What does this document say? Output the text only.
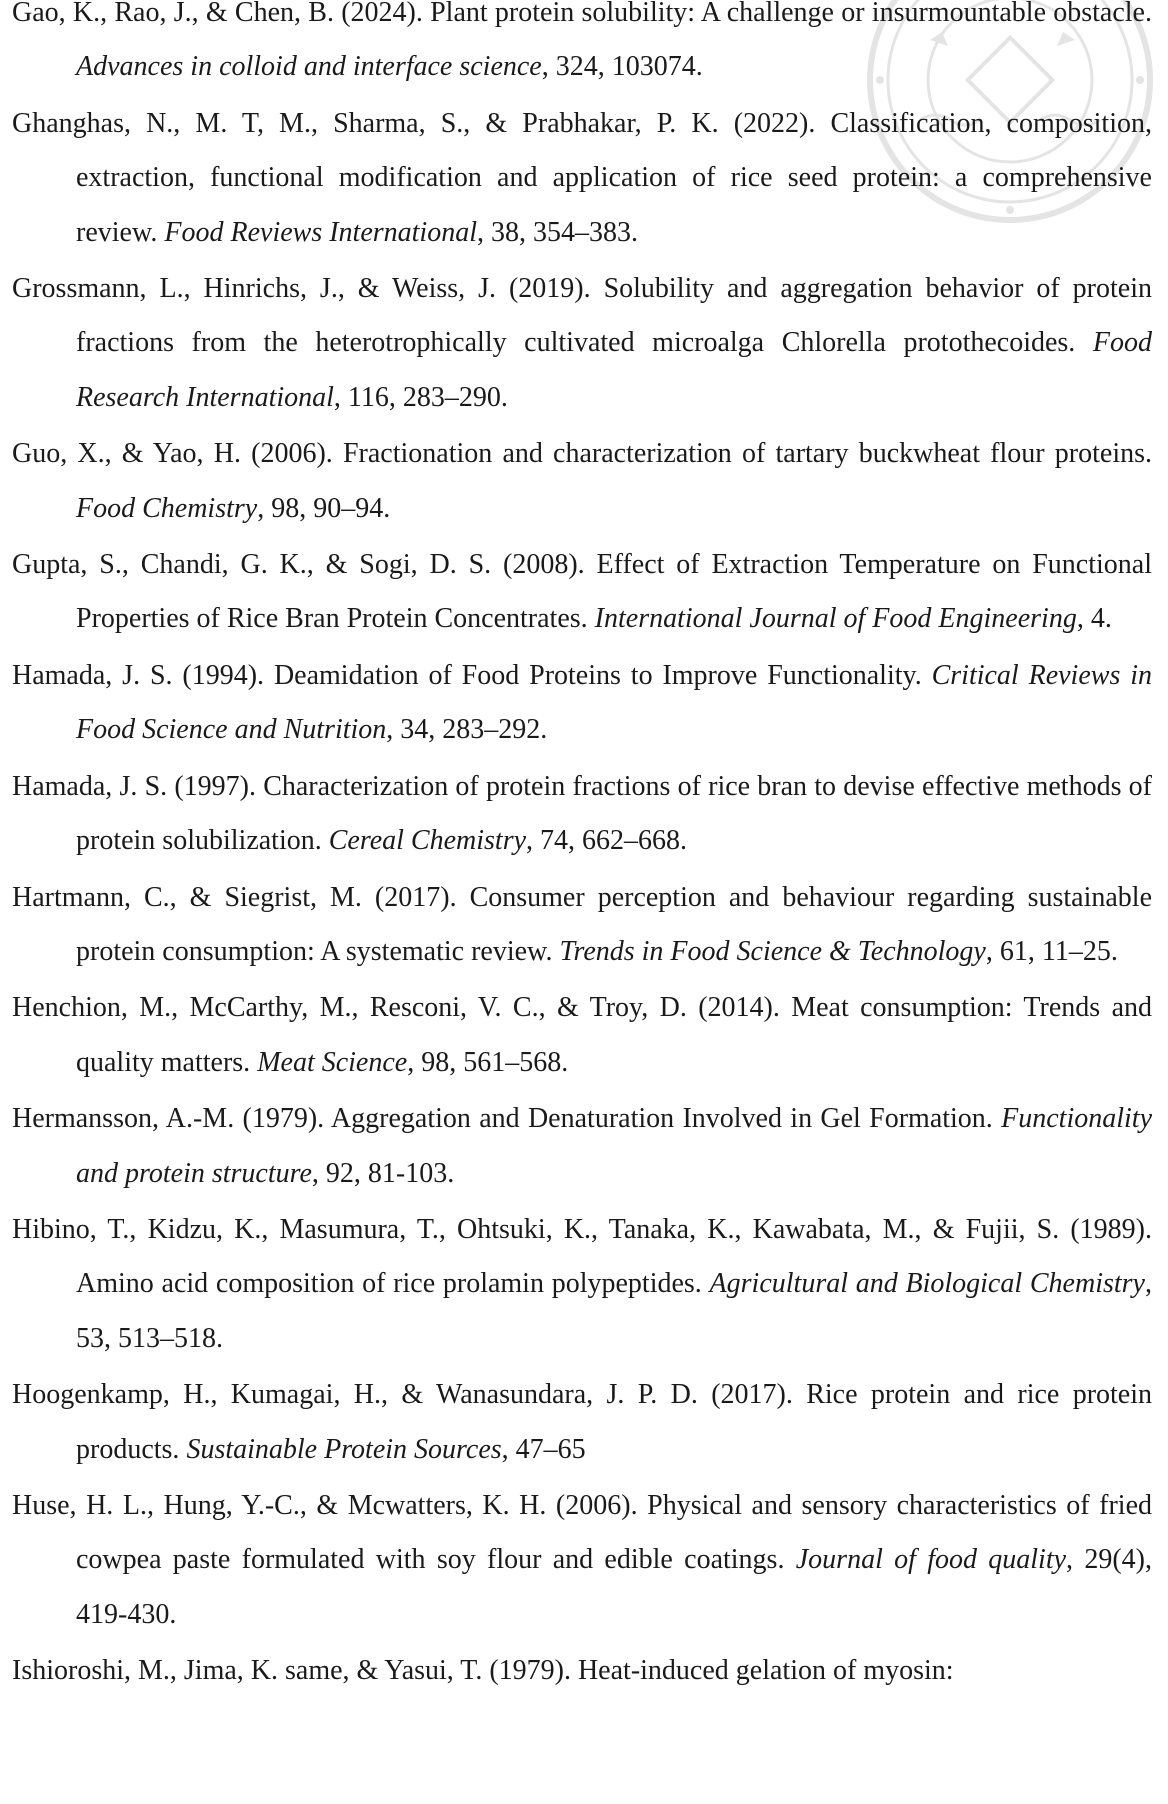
Gao, K., Rao, J., & Chen, B. (2024). Plant protein solubility: A challenge or insurmountable obstacle. Advances in colloid and interface science, 324, 103074.

Ghanghas, N., M. T, M., Sharma, S., & Prabhakar, P. K. (2022). Classification, composition, extraction, functional modification and application of rice seed protein: a comprehensive review. Food Reviews International, 38, 354–383.

Grossmann, L., Hinrichs, J., & Weiss, J. (2019). Solubility and aggregation behavior of protein fractions from the heterotrophically cultivated microalga Chlorella protothecoides. Food Research International, 116, 283–290.

Guo, X., & Yao, H. (2006). Fractionation and characterization of tartary buckwheat flour proteins. Food Chemistry, 98, 90–94.

Gupta, S., Chandi, G. K., & Sogi, D. S. (2008). Effect of Extraction Temperature on Functional Properties of Rice Bran Protein Concentrates. International Journal of Food Engineering, 4.

Hamada, J. S. (1994). Deamidation of Food Proteins to Improve Functionality. Critical Reviews in Food Science and Nutrition, 34, 283–292.

Hamada, J. S. (1997). Characterization of protein fractions of rice bran to devise effective methods of protein solubilization. Cereal Chemistry, 74, 662–668.

Hartmann, C., & Siegrist, M. (2017). Consumer perception and behaviour regarding sustainable protein consumption: A systematic review. Trends in Food Science & Technology, 61, 11–25.

Henchion, M., McCarthy, M., Resconi, V. C., & Troy, D. (2014). Meat consumption: Trends and quality matters. Meat Science, 98, 561–568.

Hermansson, A.-M. (1979). Aggregation and Denaturation Involved in Gel Formation. Functionality and protein structure, 92, 81-103.

Hibino, T., Kidzu, K., Masumura, T., Ohtsuki, K., Tanaka, K., Kawabata, M., & Fujii, S. (1989). Amino acid composition of rice prolamin polypeptides. Agricultural and Biological Chemistry, 53, 513–518.

Hoogenkamp, H., Kumagai, H., & Wanasundara, J. P. D. (2017). Rice protein and rice protein products. Sustainable Protein Sources, 47–65

Huse, H. L., Hung, Y.-C., & Mcwatters, K. H. (2006). Physical and sensory characteristics of fried cowpea paste formulated with soy flour and edible coatings. Journal of food quality, 29(4), 419-430.

Ishioroshi, M., Jima, K. same, & Yasui, T. (1979). Heat-induced gelation of myosin:
